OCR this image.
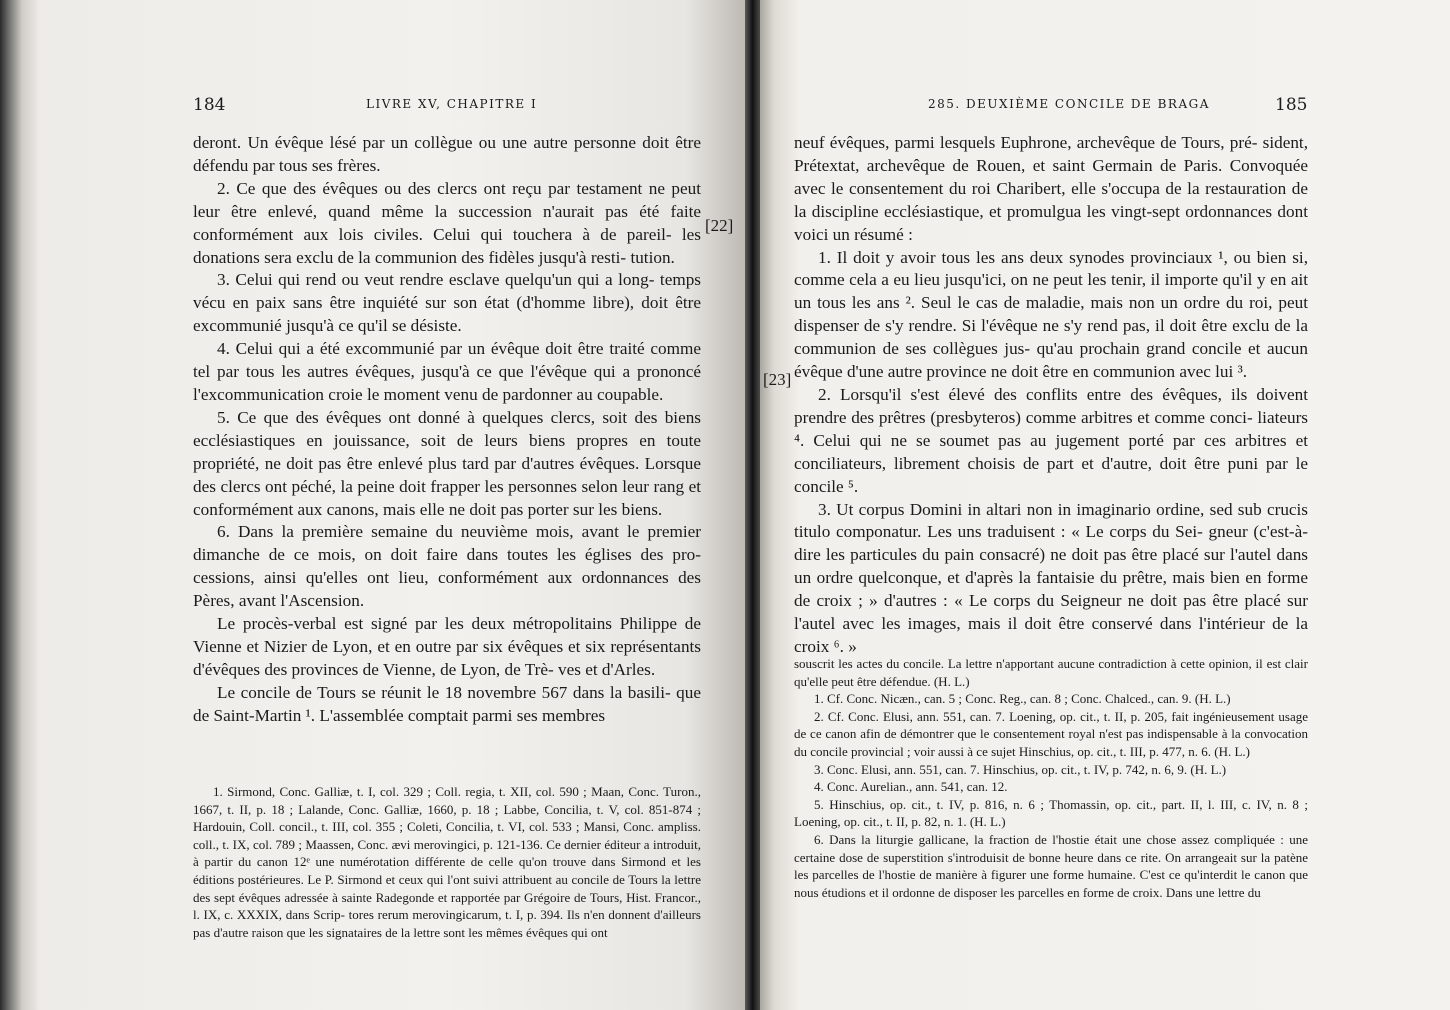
184	LIVRE XV, CHAPITRE I

deront. Un évêque lésé par un collègue ou une autre personne doit être défendu par tous ses frères.

2. Ce que des évêques ou des clercs ont reçu par testament ne peut leur être enlevé, quand même la succession n'aurait pas été faite conformément aux lois civiles. Celui qui touchera à de pareil- les donations sera exclu de la communion des fidèles jusqu'à resti- tution.

3. Celui qui rend ou veut rendre esclave quelqu'un qui a long- temps vécu en paix sans être inquiété sur son état (d'homme libre), doit être excommunié jusqu'à ce qu'il se désiste.

4. Celui qui a été excommunié par un évêque doit être traité comme tel par tous les autres évêques, jusqu'à ce que l'évêque qui a prononcé l'excommunication croie le moment venu de pardonner au coupable.

5. Ce que des évêques ont donné à quelques clercs, soit des biens ecclésiastiques en jouissance, soit de leurs biens propres en toute propriété, ne doit pas être enlevé plus tard par d'autres évêques. Lorsque des clercs ont péché, la peine doit frapper les personnes selon leur rang et conformément aux canons, mais elle ne doit pas porter sur les biens.

6. Dans la première semaine du neuvième mois, avant le premier dimanche de ce mois, on doit faire dans toutes les églises des pro- cessions, ainsi qu'elles ont lieu, conformément aux ordonnances des Pères, avant l'Ascension.

Le procès-verbal est signé par les deux métropolitains Philippe de Vienne et Nizier de Lyon, et en outre par six évêques et six représentants d'évêques des provinces de Vienne, de Lyon, de Trè- ves et d'Arles.

Le concile de Tours se réunit le 18 novembre 567 dans la basili- que de Saint-Martin ¹. L'assemblée comptait parmi ses membres

[22]

1. Sirmond, Conc. Galliæ, t. I, col. 329 ; Coll. regia, t. XII, col. 590 ; Maan, Conc. Turon., 1667, t. II, p. 18 ; Lalande, Conc. Galliæ, 1660, p. 18 ; Labbe, Concilia, t. V, col. 851-874 ; Hardouin, Coll. concil., t. III, col. 355 ; Coleti, Concilia, t. VI, col. 533 ; Mansi, Conc. ampliss. coll., t. IX, col. 789 ; Maassen, Conc. ævi merovingici, p. 121-136. Ce dernier éditeur a introduit, à partir du canon 12ᵉ une numérotation différente de celle qu'on trouve dans Sirmond et les éditions postérieures. Le P. Sirmond et ceux qui l'ont suivi attribuent au concile de Tours la lettre des sept évêques adressée à sainte Radegonde et rapportée par Grégoire de Tours, Hist. Francor., l. IX, c. XXXIX, dans Scrip- tores rerum merovingicarum, t. I, p. 394. Ils n'en donnent d'ailleurs pas d'autre raison que les signataires de la lettre sont les mêmes évêques qui ont

285. DEUXIÈME CONCILE DE BRAGA	185
[23]

neuf évêques, parmi lesquels Euphrone, archevêque de Tours, pré- sident, Prétextat, archevêque de Rouen, et saint Germain de Paris. Convoquée avec le consentement du roi Charibert, elle s'occupa de la restauration de la discipline ecclésiastique, et promulgua les vingt-sept ordonnances dont voici un résumé :

1. Il doit y avoir tous les ans deux synodes provinciaux ¹, ou bien si, comme cela a eu lieu jusqu'ici, on ne peut les tenir, il importe qu'il y en ait un tous les ans ². Seul le cas de maladie, mais non un ordre du roi, peut dispenser de s'y rendre. Si l'évêque ne s'y rend pas, il doit être exclu de la communion de ses collègues jus- qu'au prochain grand concile et aucun évêque d'une autre province ne doit être en communion avec lui ³.

2. Lorsqu'il s'est élevé des conflits entre des évêques, ils doivent prendre des prêtres (presbyteros) comme arbitres et comme conci- liateurs ⁴. Celui qui ne se soumet pas au jugement porté par ces arbitres et conciliateurs, librement choisis de part et d'autre, doit être puni par le concile ⁵.

3. Ut corpus Domini in altari non in imaginario ordine, sed sub crucis titulo componatur. Les uns traduisent : « Le corps du Sei- gneur (c'est-à-dire les particules du pain consacré) ne doit pas être placé sur l'autel dans un ordre quelconque, et d'après la fantaisie du prêtre, mais bien en forme de croix ; » d'autres : « Le corps du Seigneur ne doit pas être placé sur l'autel avec les images, mais il doit être conservé dans l'intérieur de la croix ⁶. »

souscrit les actes du concile. La lettre n'apportant aucune contradiction à cette opinion, il est clair qu'elle peut être défendue. (H. L.)

1. Cf. Conc. Nicæn., can. 5 ; Conc. Reg., can. 8 ; Conc. Chalced., can. 9. (H. L.)

2. Cf. Conc. Elusi, ann. 551, can. 7. Loening, op. cit., t. II, p. 205, fait ingénieusement usage de ce canon afin de démontrer que le consentement royal n'est pas indispensable à la convocation du concile provincial ; voir aussi à ce sujet Hinschius, op. cit., t. III, p. 477, n. 6. (H. L.)

3. Conc. Elusi, ann. 551, can. 7. Hinschius, op. cit., t. IV, p. 742, n. 6, 9. (H. L.)

4. Conc. Aurelian., ann. 541, can. 12.

5. Hinschius, op. cit., t. IV, p. 816, n. 6 ; Thomassin, op. cit., part. II, l. III, c. IV, n. 8 ; Loening, op. cit., t. II, p. 82, n. 1. (H. L.)

6. Dans la liturgie gallicane, la fraction de l'hostie était une chose assez compliquée : une certaine dose de superstition s'introduisit de bonne heure dans ce rite. On arrangeait sur la patène les parcelles de l'hostie de manière à figurer une forme humaine. C'est ce qu'interdit le canon que nous étudions et il ordonne de disposer les parcelles en forme de croix. Dans une lettre du
